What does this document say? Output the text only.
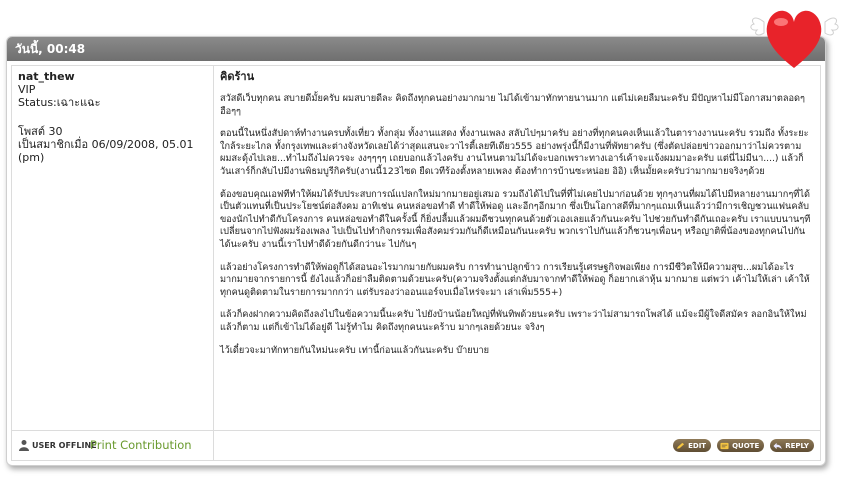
วันนี้, 00:48
nat_thew
VIP
Status:เฉาะแฉะ
โพสต์ 30
เป็นสมาชิกเมื่อ 06/09/2008, 05.01 (pm)
คิดร้าน
สวัสดีเว็บทุกคน สบายดีมั้ยครับ ผมสบายดีละ คิดถึงทุกคนอย่างมากมาย ไม่ได้เข้ามาทักทายนานมาก แต่ไม่เคยลืมนะครับ มีปัญหาไม่มีโอกาสมาตลอดๆ ฮือๆๆ
ตอนนี้ในหนึ่งสัปดาห์ทำงานครบทั้งเที่ยว ทั้งกลุ่ม ทั้งงานแสดง ทั้งงานเพลง สลับไปๆมาครับ อย่างที่ทุกคนคงเห็นแล้วในตารางงานนะครับ รวมถึง ทั้งระยะใกล้ระยะไกล ทั้งกรุงเทพและต่างจังหวัดเลยได้ว่าสุดแสนจะวาไรตี้เลยทีเดียว555 อย่างพรุ่งนี้ก็มีงานที่พัทยาครับ (ซึ่งตัดปล่อยข่าวออกมาว่าไม่ควรตาม ผมสะดุ้งไปเลย...ทำไมถึงไม่ควรจะ งงๆๆๆๆ เถยบอกแล้วไงครับ งานไหนตามไม่ได้จะบอกเพราะทางเอาร์เค้าจะแจ้งผมมาอะครับ แต่นี่ไม่มีนา....) แล้วก็วันเสาร์ก็กลับไปมีงานพิธมบูรีกิครับ(งานนี้123ไซด ยืดเวทีร้องตั้งหลายเพลง ต้องทำการบ้านซะหน่อย อิอิ) เห็นมั้ยคะครับว่ามากมายจริงๆด้วย
ต้องขอบคุณเอฟทีทำให้ผมได้รับประสบการณ์แปลกใหม่มากมายอยู่เสมอ รวมถึงได้ไปในที่ที่ไม่เคยไปมาก่อนด้วย ทุกๆงานที่ผมได้ไปมีหลายงานมากๆที่ได้เป็นตัวแทนที่เป็นประโยชน์ต่อสังคม อาทิเช่น คนหล่อขอทำดี ทำดีให้พ่อดู และอีกๆอีกมาก ซึ่งเป็นโอกาสดีที่มากๆแถมเห็นแล้วว่ามีการเชิญชวนแฟนคลับของนักไปทำดีกับโครงการ คนหล่อขอทำดีในครั้งนี้ ก็ยิ่งปลื้มแล้วผมดีชวนทุกคนด้วยตัวเองเลยแล้วกันนะครับ ไปช่วยกันทำดีกันเถอะครับ เราแบบนานๆทีเปลี่ยนจากไปฟังผมร้องเพลง ไปเป็นไปทำกิจกรรมเพื่อสังคมร่วมกันก็ดีเหมือนกันนะครับ พวกเราไปกันแล้วก็ชวนๆเพื่อนๆ หรือญาติพี่น้องของทุกคนไปกันได้นะครับ งานนี้เราไปทำดีด้วยกันดีกว่านะ ไปกันๆ
แล้วอย่างโครงการทำดีให้พ่อดูก็ได้สอนอะไรมากมายกับผมครับ การทำนาปลูกข้าว การเรียนรู้เศรษฐกิจพอเพียง การมีชีวิตให้มีความสุข...ผมได้อะไรมากมายจากรายการนี้ ยังไงแล้วก็อย่าลืมติดตามด้วยนะครับ(ความจริงตั้งแต่กลับมาจากทำดีให้พ่อดู ก็อยากเล่าหุ้น มากมาย แต่พว่า เค้าไม่ให้เล่า เค้าให้ทุกคนดูติดตามในรายการมากกว่า แต่รับรองว่าออนแอร์จบเมื่อไหร่จะมา เล่าเพิ่ม555+)
แล้วก็คงฝากความคิดถึงลงไปในข้อความนี้นะครับ ไปยังบ้านน้อยใหญ่ที่พันทิพด้วยนะครับ เพราะว่าไม่สามารถโพสได้ แม้จะมีผู้ใจดีสมัคร ลอกอินให้ใหม่แล้วก็ตาม แต่ก็เข้าไม่ได้อยู่ดี ไม่รู้ทำไม คิดถึงทุกคนนะคร้าบ มากๆเลยด้วยนะ จริงๆ
ไว้เดี๋ยวจะมาทักทายกันใหม่นะครับ เท่านี้ก่อนแล้วกันนะครับ บ๊ายบาย
USER OFFLINE
Print Contribution	EDIT	QUOTE	REPLY
